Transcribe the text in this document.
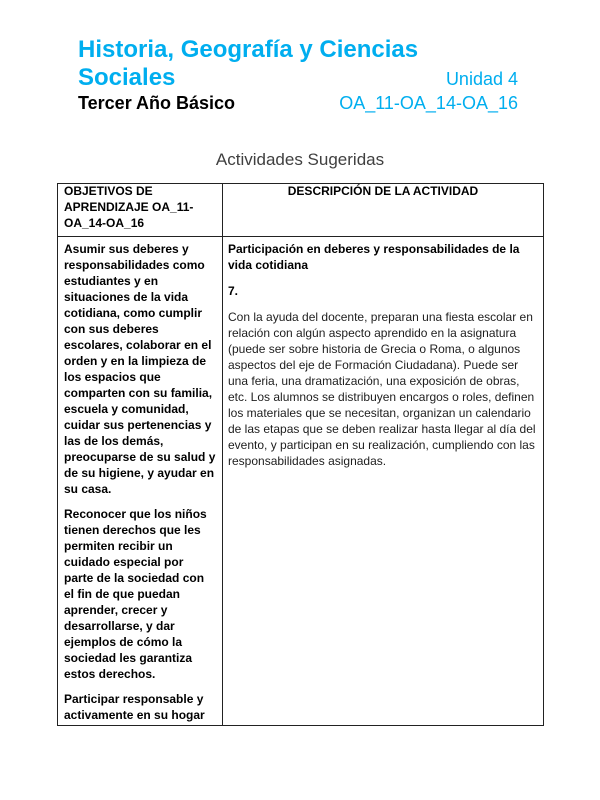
Historia, Geografía y Ciencias
Sociales	Unidad 4
Tercer Año Básico	OA_11-OA_14-OA_16
Actividades Sugeridas
OBJETIVOS DE APRENDIZAJE OA_11-OA_14-OA_16
DESCRIPCIÓN DE LA ACTIVIDAD

Asumir sus deberes y
responsabilidades como
estudiantes y en
situaciones de la vida
cotidiana, como cumplir
con sus deberes
escolares, colaborar en el
orden y en la limpieza de
los espacios que
comparten con su familia,
escuela y comunidad,
cuidar sus pertenencias y
las de los demás,
preocuparse de su salud y
de su higiene, y ayudar en
su casa.

Reconocer que los niños
tienen derechos que les
permiten recibir un
cuidado especial por
parte de la sociedad con
el fin de que puedan
aprender, crecer y
desarrollarse, y dar
ejemplos de cómo la
sociedad les garantiza
estos derechos.

Participar responsable y
activamente en su hogar

Participación en deberes y responsabilidades de la
vida cotidiana

7.

Con la ayuda del docente, preparan una fiesta escolar en
relación con algún aspecto aprendido en la asignatura
(puede ser sobre historia de Grecia o Roma, o algunos
aspectos del eje de Formación Ciudadana). Puede ser
una feria, una dramatización, una exposición de obras,
etc. Los alumnos se distribuyen encargos o roles, definen
los materiales que se necesitan, organizan un calendario
de las etapas que se deben realizar hasta llegar al día del
evento, y participan en su realización, cumpliendo con las
responsabilidades asignadas.
